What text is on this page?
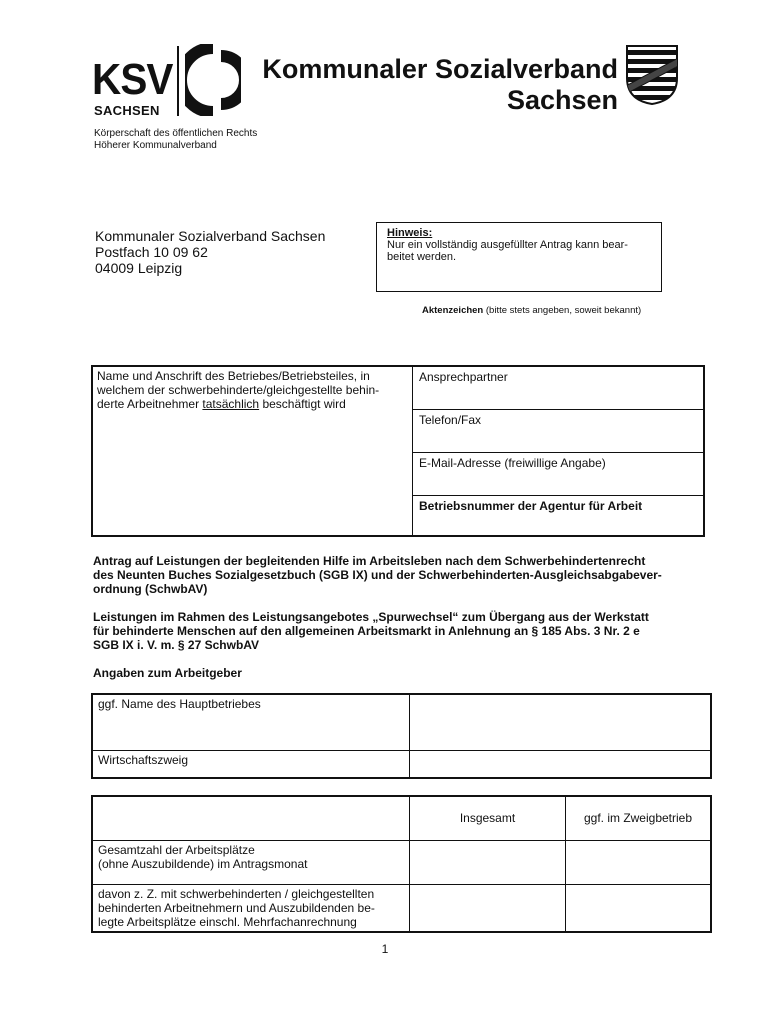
KSV
SACHSEN
Kommunaler Sozialverband
Sachsen
Körperschaft des öffentlichen Rechts
Höherer Kommunalverband
Kommunaler Sozialverband Sachsen
Postfach 10 09 62
04009 Leipzig
Hinweis:
Nur ein vollständig ausgefüllter Antrag kann bear-beitet werden.
Aktenzeichen (bitte stets angeben, soweit bekannt)
Name und Anschrift des Betriebes/Betriebsteiles, in
welchem der schwerbehinderte/gleichgestellte behin-
derte Arbeitnehmer tatsächlich beschäftigt wird
Ansprechpartner
Telefon/Fax
E-Mail-Adresse (freiwillige Angabe)
Betriebsnummer der Agentur für Arbeit
Antrag auf Leistungen der begleitenden Hilfe im Arbeitsleben nach dem Schwerbehindertenrecht
des Neunten Buches Sozialgesetzbuch (SGB IX) und der Schwerbehinderten-Ausgleichsabgabever-
ordnung (SchwbAV)
Leistungen im Rahmen des Leistungsangebotes „Spurwechsel“ zum Übergang aus der Werkstatt
für behinderte Menschen auf den allgemeinen Arbeitsmarkt in Anlehnung an § 185 Abs. 3 Nr. 2 e
SGB IX i. V. m. § 27 SchwbAV
Angaben zum Arbeitgeber
ggf. Name des Hauptbetriebes	
Wirtschaftszweig	
	Insgesamt	ggf. im Zweigbetrieb

Gesamtzahl der Arbeitsplätze
(ohne Auszubildende) im Antragsmonat		

davon z. Z. mit schwerbehinderten / gleichgestellten
behinderten Arbeitnehmern und Auszubildenden be-
legte Arbeitsplätze einschl. Mehrfachanrechnung		

1
